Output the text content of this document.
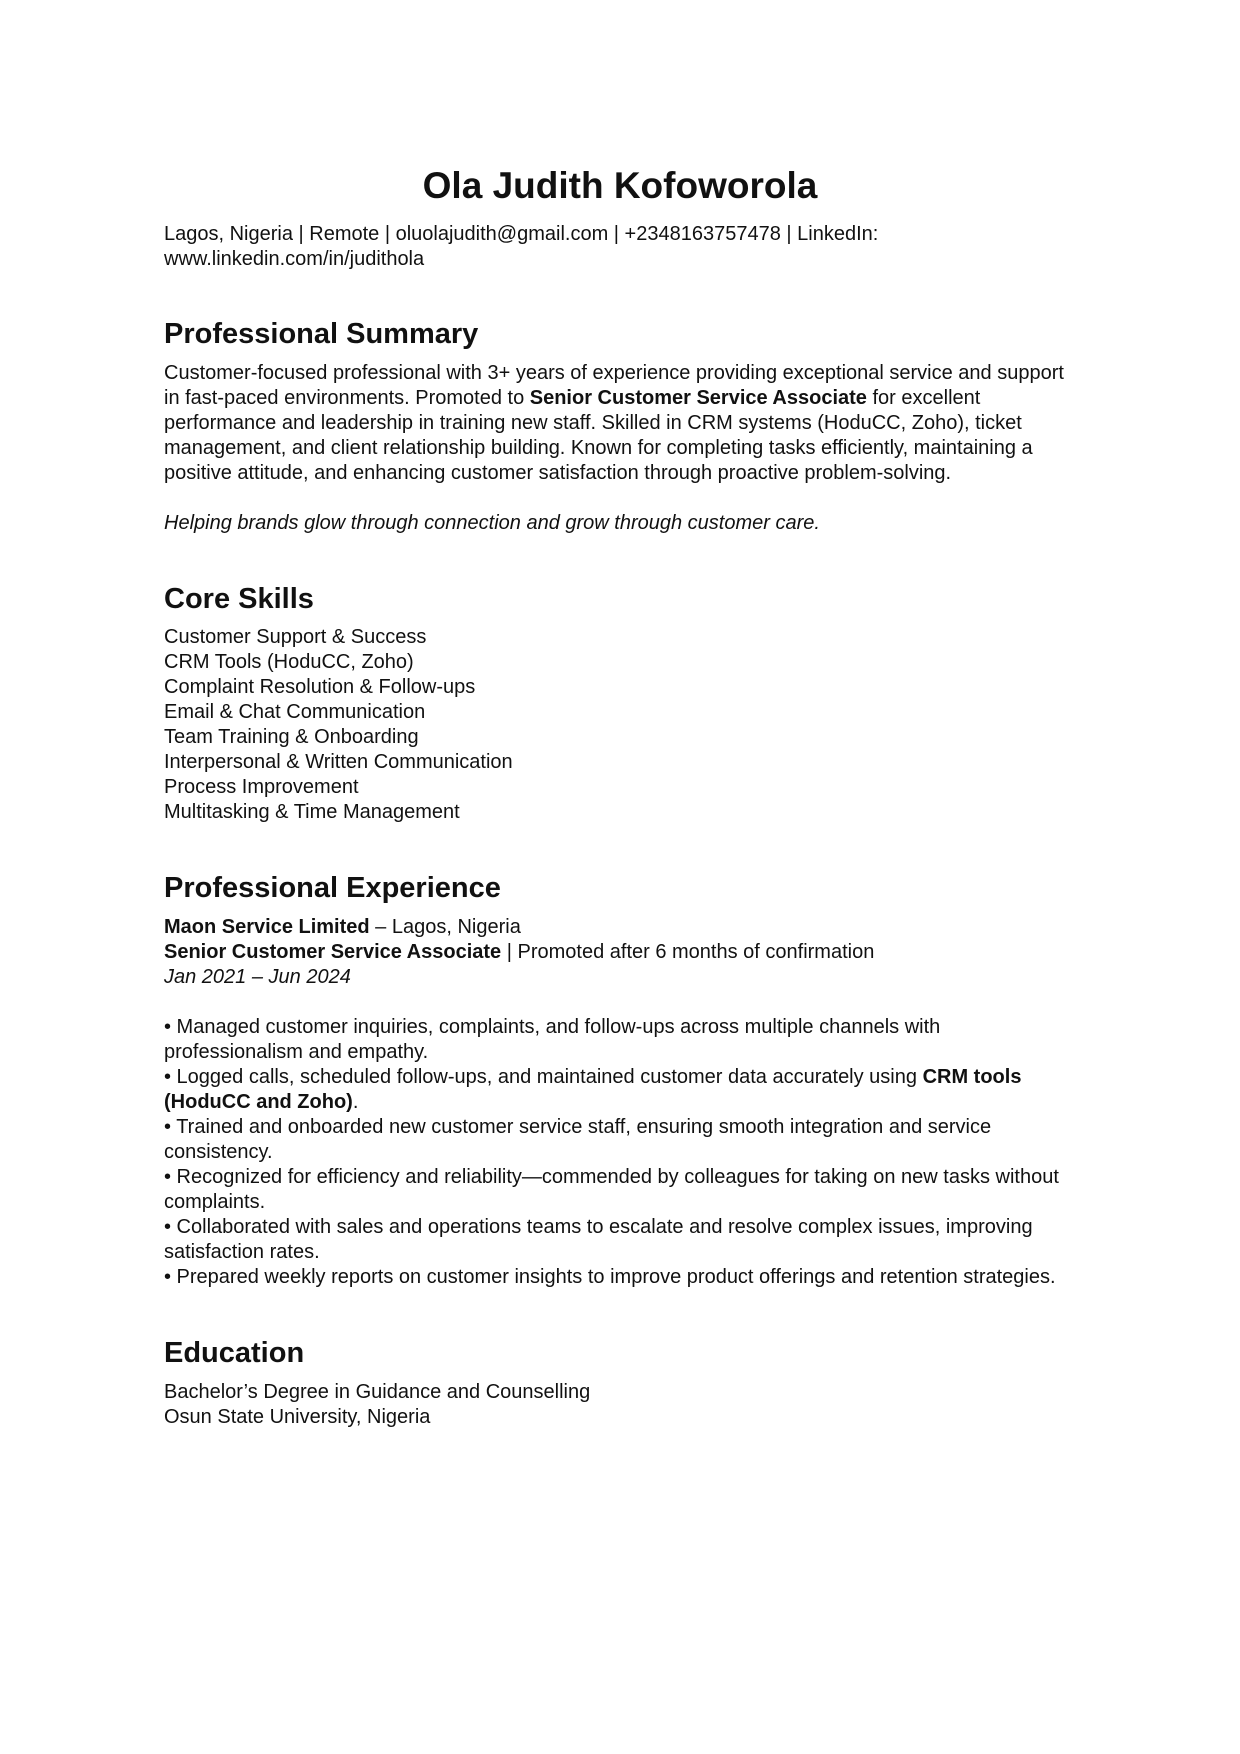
Ola Judith Kofoworola

Lagos, Nigeria | Remote | oluolajudith@gmail.com | +2348163757478 | LinkedIn:

www.linkedin.com/in/juditholа

Professional Summary

Customer-focused professional with 3+ years of experience providing exceptional service and support in fast-paced environments. Promoted to Senior Customer Service Associate for excellent performance and leadership in training new staff. Skilled in CRM systems (HoduCC, Zoho), ticket management, and client relationship building. Known for completing tasks efficiently, maintaining a positive attitude, and enhancing customer satisfaction through proactive problem-solving.

Helping brands glow through connection and grow through customer care.

Core Skills
Customer Support & Success
CRM Tools (HoduCC, Zoho)
Complaint Resolution & Follow-ups
Email & Chat Communication
Team Training & Onboarding
Interpersonal & Written Communication
Process Improvement
Multitasking & Time Management
Professional Experience

Maon Service Limited – Lagos, Nigeria

Senior Customer Service Associate | Promoted after 6 months of confirmation

Jan 2021 – Jun 2024

• Managed customer inquiries, complaints, and follow-ups across multiple channels with professionalism and empathy.
• Logged calls, scheduled follow-ups, and maintained customer data accurately using CRM tools (HoduCC and Zoho).
• Trained and onboarded new customer service staff, ensuring smooth integration and service consistency.
• Recognized for efficiency and reliability—commended by colleagues for taking on new tasks without complaints.
• Collaborated with sales and operations teams to escalate and resolve complex issues, improving satisfaction rates.
• Prepared weekly reports on customer insights to improve product offerings and retention strategies.
Education

Bachelor’s Degree in Guidance and Counselling

Osun State University, Nigeria
